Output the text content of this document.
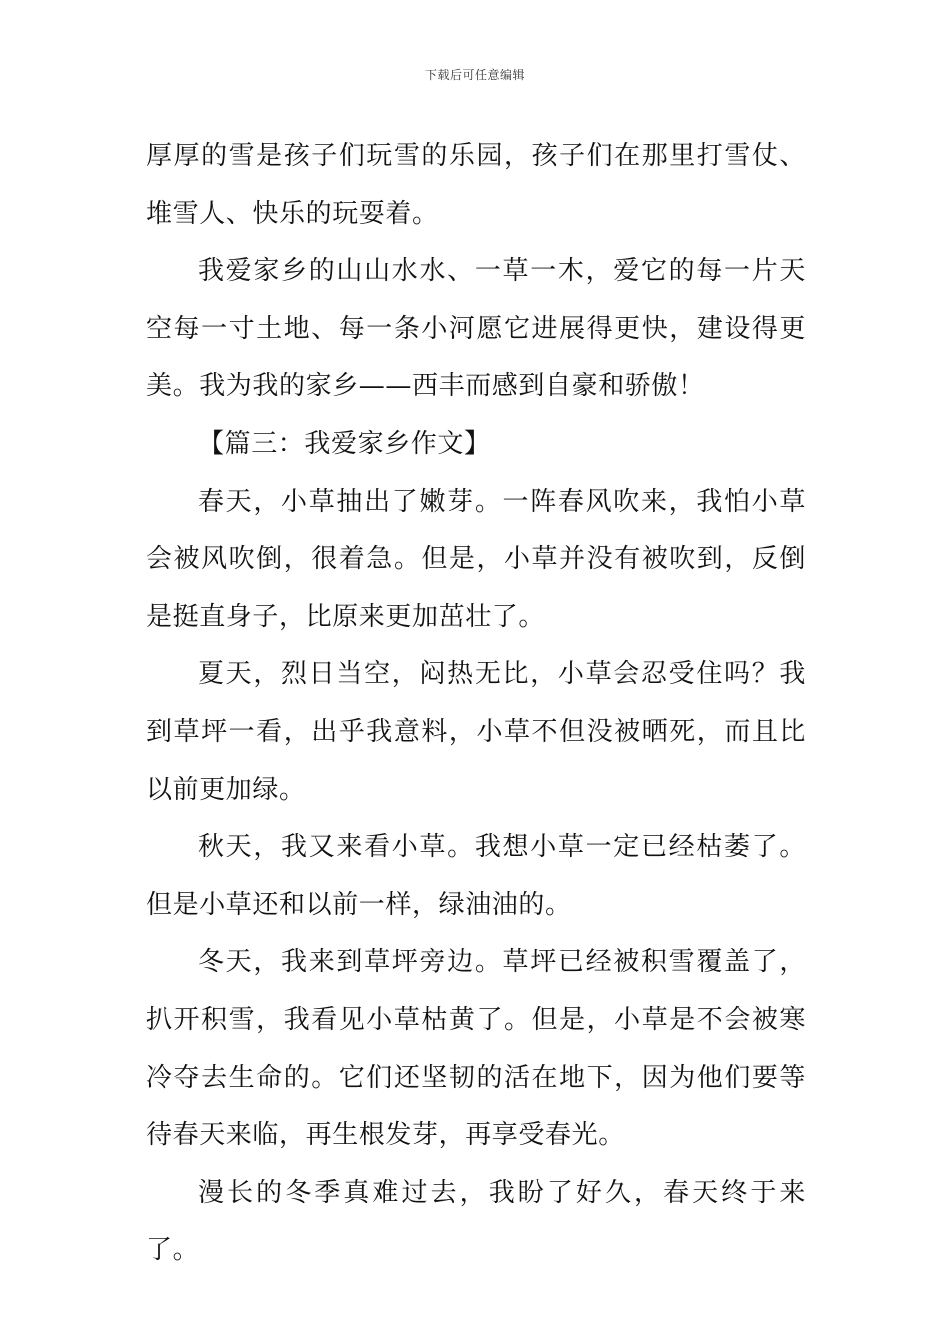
下载后可任意编辑

厚厚的雪是孩子们玩雪的乐园，孩子们在那里打雪仗、堆雪人、快乐的玩耍着。

我爱家乡的山山水水、一草一木，爱它的每一片天空每一寸土地、每一条小河愿它进展得更快，建设得更美。我为我的家乡——西丰而感到自豪和骄傲！

【篇三：我爱家乡作文】

春天，小草抽出了嫩芽。一阵春风吹来，我怕小草会被风吹倒，很着急。但是，小草并没有被吹到，反倒是挺直身子，比原来更加茁壮了。

夏天，烈日当空，闷热无比，小草会忍受住吗？我到草坪一看，出乎我意料，小草不但没被晒死，而且比以前更加绿。

秋天，我又来看小草。我想小草一定已经枯萎了。但是小草还和以前一样，绿油油的。

冬天，我来到草坪旁边。草坪已经被积雪覆盖了，扒开积雪，我看见小草枯黄了。但是，小草是不会被寒冷夺去生命的。它们还坚韧的活在地下，因为他们要等待春天来临，再生根发芽，再享受春光。

漫长的冬季真难过去，我盼了好久，春天终于来了。
